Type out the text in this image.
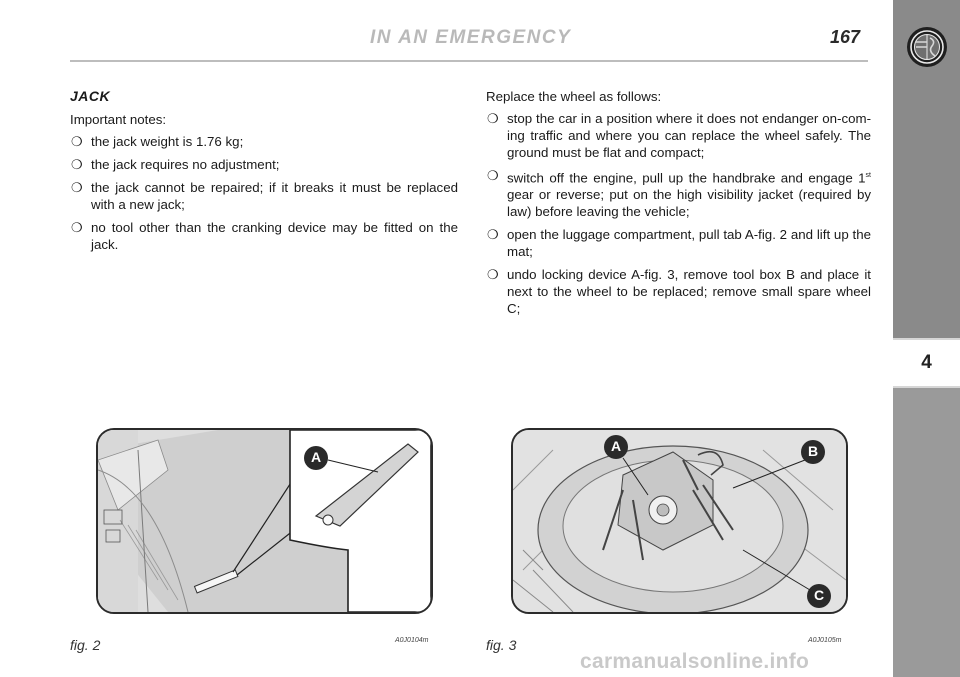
IN AN EMERGENCY	167
4
JACK
Important notes:
❍ the jack weight is 1.76 kg;
❍ the jack requires no adjustment;
❍ the jack cannot be repaired; if it breaks it must be replaced with a new jack;
❍ no tool other than the cranking device may be fitted on the jack.
Replace the wheel as follows:
❍ stop the car in a position where it does not endanger on-com-ing traffic and where you can replace the wheel safely. The ground must be flat and compact;
❍ switch off the engine, pull up the handbrake and engage 1st gear or reverse; put on the high visibility jacket (required by law) before leaving the vehicle;
❍ open the luggage compartment, pull tab A-fig. 2 and lift up the mat;
❍ undo locking device A-fig. 3, remove tool box B and place it next to the wheel to be replaced; remove small spare wheel C;
A
fig. 2	A0J0104m
A	B
C
fig. 3	A0J0105m
carmanualsonline.info
